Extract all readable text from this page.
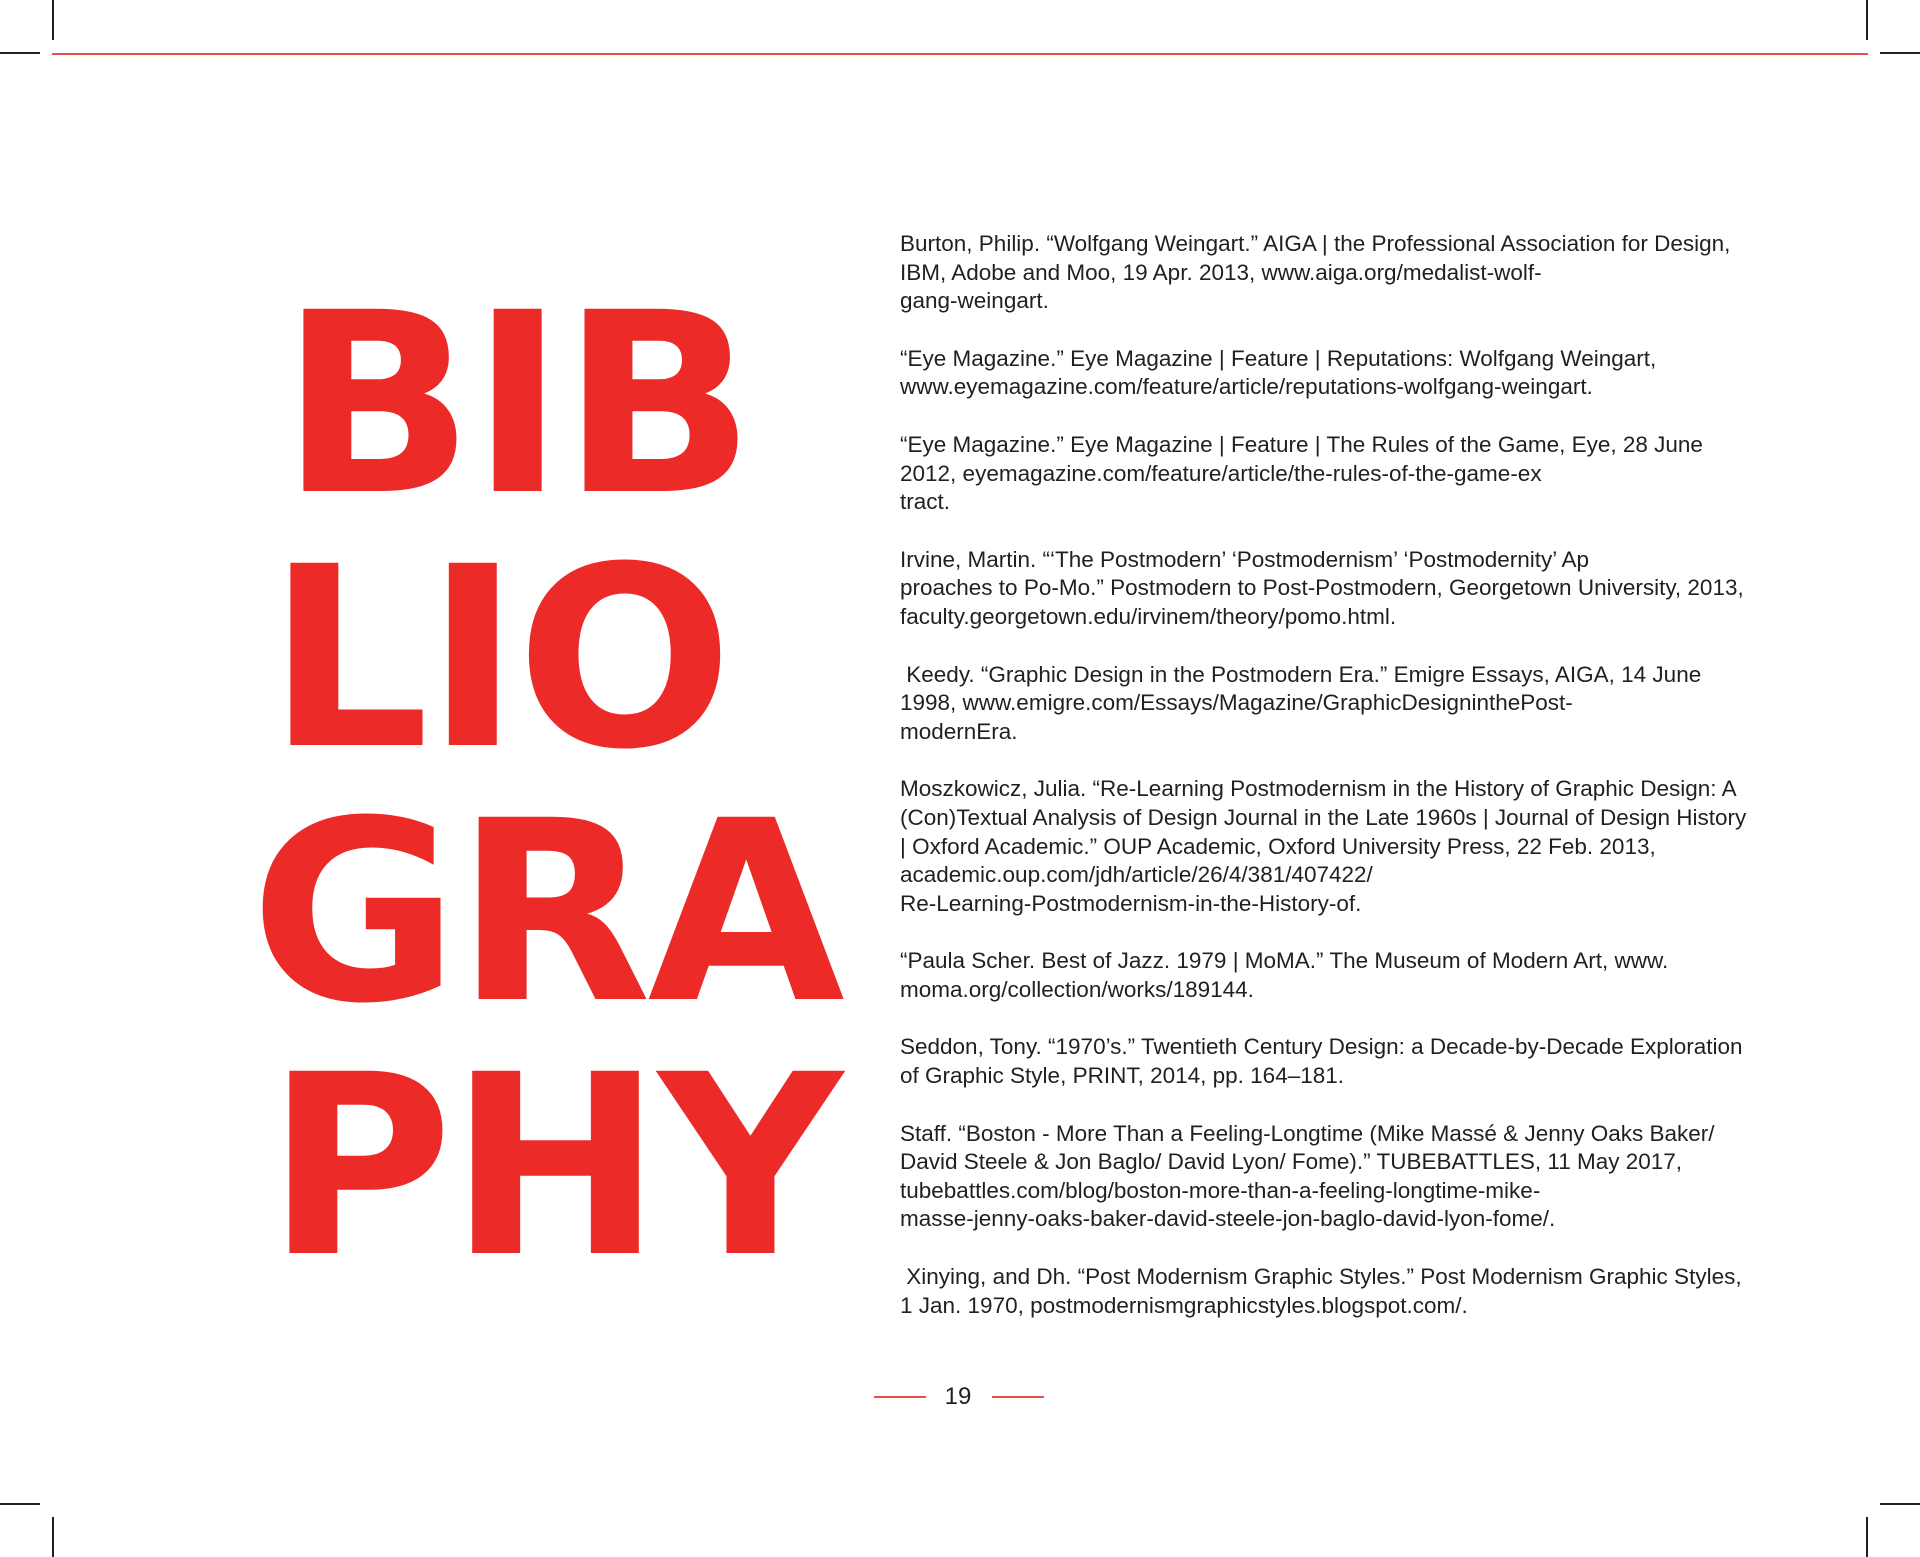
BIB
LIO
GRA
PHY

Burton, Philip. “Wolfgang Weingart.” AIGA | the Professional Association for Design, IBM, Adobe and Moo, 19 Apr. 2013, www.aiga.org/medalist-wolf-
gang-weingart.

“Eye Magazine.” Eye Magazine | Feature | Reputations: Wolfgang Weingart, www.eyemagazine.com/feature/article/reputations-wolfgang-weingart.

“Eye Magazine.” Eye Magazine | Feature | The Rules of the Game, Eye, 28 June 2012, eyemagazine.com/feature/article/the-rules-of-the-game-ex
tract.

Irvine, Martin. “‘The Postmodern’ ‘Postmodernism’ ‘Postmodernity’ Ap
proaches to Po-Mo.” Postmodern to Post-Postmodern, Georgetown University, 2013, faculty.georgetown.edu/irvinem/theory/pomo.html.

Keedy. “Graphic Design in the Postmodern Era.” Emigre Essays, AIGA, 14 June 1998, www.emigre.com/Essays/Magazine/GraphicDesigninthePost-
modernEra.

Moszkowicz, Julia. “Re-Learning Postmodernism in the History of Graphic Design: A (Con)Textual Analysis of Design Journal in the Late 1960s | Journal of Design History | Oxford Academic.” OUP Academic, Oxford University Press, 22 Feb. 2013, academic.oup.com/jdh/article/26/4/381/407422/
Re-Learning-Postmodernism-in-the-History-of.

“Paula Scher. Best of Jazz. 1979 | MoMA.” The Museum of Modern Art, www.
moma.org/collection/works/189144.

Seddon, Tony. “1970’s.” Twentieth Century Design: a Decade-by-Decade Exploration of Graphic Style, PRINT, 2014, pp. 164–181.

Staff. “Boston - More Than a Feeling-Longtime (Mike Massé & Jenny Oaks Baker/ David Steele & Jon Baglo/ David Lyon/ Fome).” TUBEBATTLES, 11 May 2017, tubebattles.com/blog/boston-more-than-a-feeling-longtime-mike-
masse-jenny-oaks-baker-david-steele-jon-baglo-david-lyon-fome/.

Xinying, and Dh. “Post Modernism Graphic Styles.” Post Modernism Graphic Styles, 1 Jan. 1970, postmodernismgraphicstyles.blogspot.com/.

19
